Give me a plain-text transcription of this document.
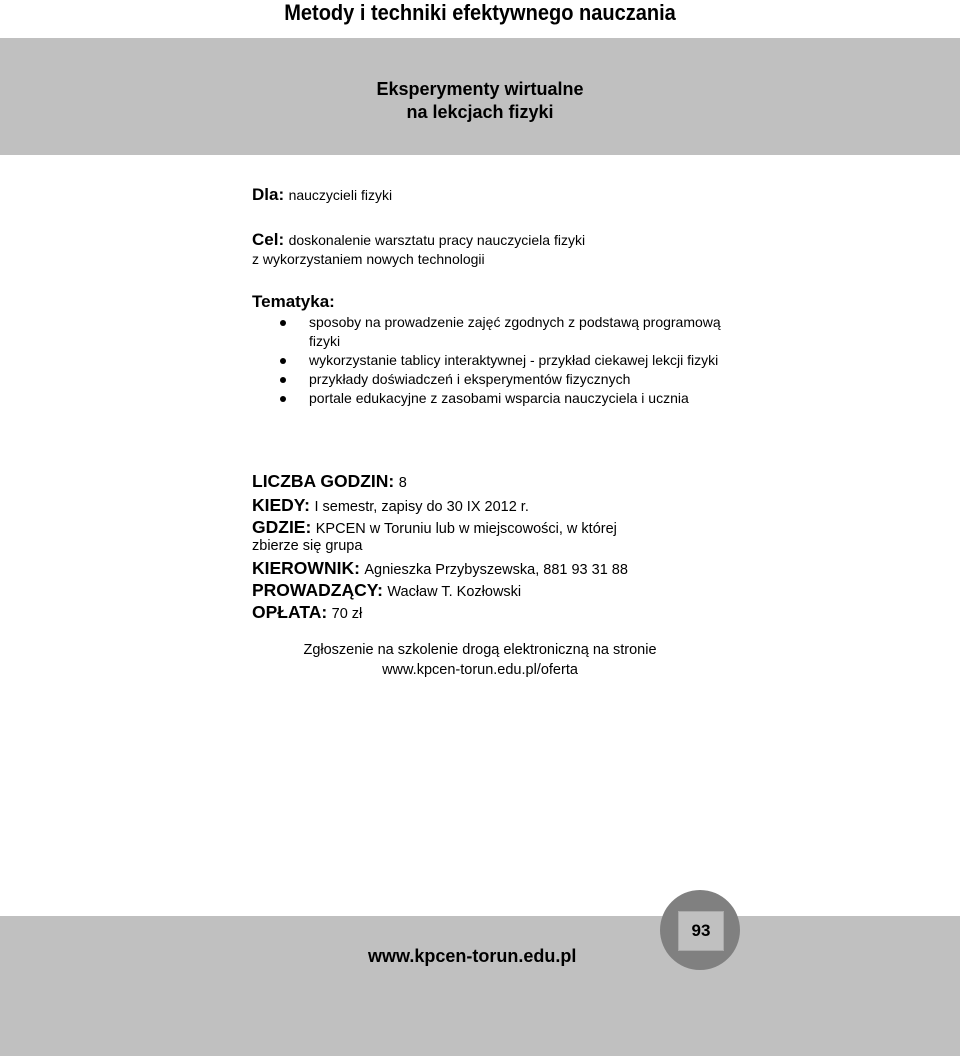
Metody i techniki efektywnego nauczania
Eksperymenty wirtualne
na lekcjach fizyki
Dla: nauczycieli fizyki
Cel: doskonalenie warsztatu pracy nauczyciela fizyki
z wykorzystaniem nowych technologii
Tematyka:
sposoby na prowadzenie zajęć zgodnych z podstawą programową fizyki
wykorzystanie tablicy interaktywnej - przykład ciekawej lekcji fizyki
przykłady doświadczeń i eksperymentów fizycznych
portale edukacyjne z zasobami wsparcia nauczyciela i ucznia
LICZBA GODZIN: 8
KIEDY: I semestr, zapisy do 30 IX 2012 r.
GDZIE: KPCEN w Toruniu lub w miejscowości, w której
zbierze się grupa
KIEROWNIK: Agnieszka Przybyszewska, 881 93 31 88
PROWADZĄCY: Wacław T. Kozłowski
OPŁATA: 70 zł
Zgłoszenie na szkolenie drogą elektroniczną na stronie
www.kpcen-torun.edu.pl/oferta
www.kpcen-torun.edu.pl
93
